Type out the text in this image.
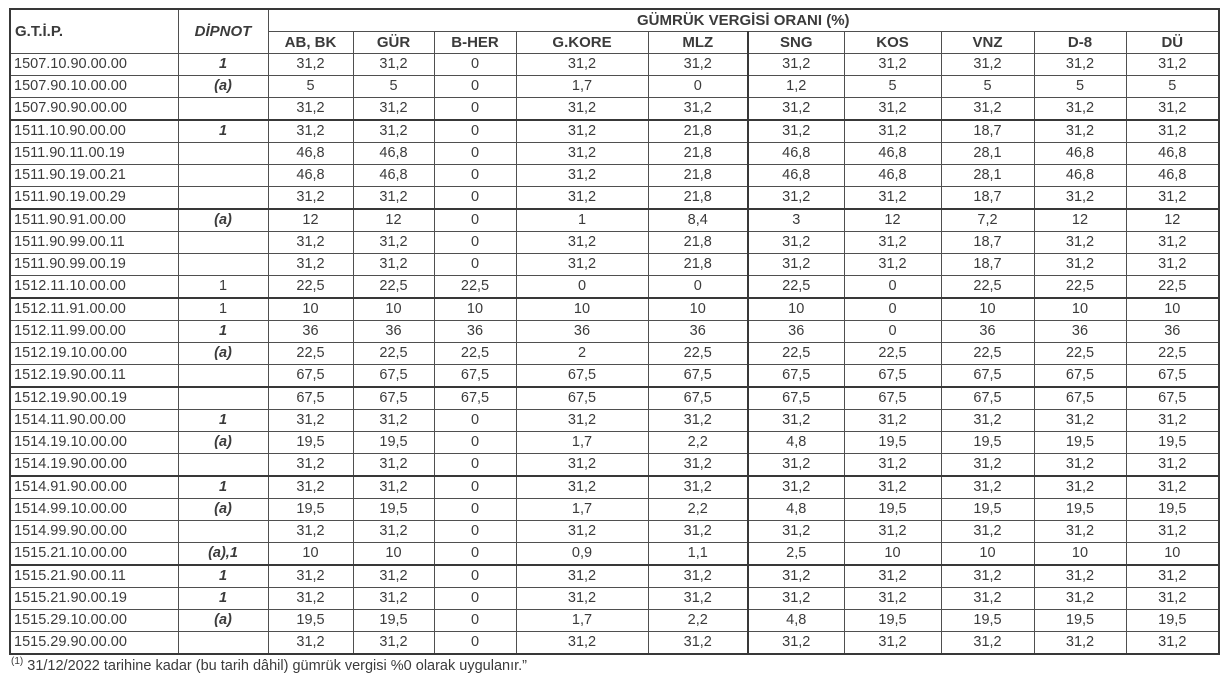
G.T.İ.P.	DİPNOT	GÜMRÜK VERGİSİ ORANI (%)									
		AB, BK	GÜR	B-HER	G.KORE	MLZ	SNG	KOS	VNZ	D-8	DÜ
1507.10.90.00.00	1	31,2	31,2	0	31,2	31,2	31,2	31,2	31,2	31,2	31,2
1507.90.10.00.00	(a)	5	5	0	1,7	0	1,2	5	5	5	5
1507.90.90.00.00		31,2	31,2	0	31,2	31,2	31,2	31,2	31,2	31,2	31,2
1511.10.90.00.00	1	31,2	31,2	0	31,2	21,8	31,2	31,2	18,7	31,2	31,2
1511.90.11.00.19		46,8	46,8	0	31,2	21,8	46,8	46,8	28,1	46,8	46,8
1511.90.19.00.21		46,8	46,8	0	31,2	21,8	46,8	46,8	28,1	46,8	46,8
1511.90.19.00.29		31,2	31,2	0	31,2	21,8	31,2	31,2	18,7	31,2	31,2
1511.90.91.00.00	(a)	12	12	0	1	8,4	3	12	7,2	12	12
1511.90.99.00.11		31,2	31,2	0	31,2	21,8	31,2	31,2	18,7	31,2	31,2
1511.90.99.00.19		31,2	31,2	0	31,2	21,8	31,2	31,2	18,7	31,2	31,2
1512.11.10.00.00	1	22,5	22,5	22,5	0	0	22,5	0	22,5	22,5	22,5
1512.11.91.00.00	1	10	10	10	10	10	10	0	10	10	10
1512.11.99.00.00	1	36	36	36	36	36	36	0	36	36	36
1512.19.10.00.00	(a)	22,5	22,5	22,5	2	22,5	22,5	22,5	22,5	22,5	22,5
1512.19.90.00.11		67,5	67,5	67,5	67,5	67,5	67,5	67,5	67,5	67,5	67,5
1512.19.90.00.19		67,5	67,5	67,5	67,5	67,5	67,5	67,5	67,5	67,5	67,5
1514.11.90.00.00	1	31,2	31,2	0	31,2	31,2	31,2	31,2	31,2	31,2	31,2
1514.19.10.00.00	(a)	19,5	19,5	0	1,7	2,2	4,8	19,5	19,5	19,5	19,5
1514.19.90.00.00		31,2	31,2	0	31,2	31,2	31,2	31,2	31,2	31,2	31,2
1514.91.90.00.00	1	31,2	31,2	0	31,2	31,2	31,2	31,2	31,2	31,2	31,2
1514.99.10.00.00	(a)	19,5	19,5	0	1,7	2,2	4,8	19,5	19,5	19,5	19,5
1514.99.90.00.00		31,2	31,2	0	31,2	31,2	31,2	31,2	31,2	31,2	31,2
1515.21.10.00.00	(a),1	10	10	0	0,9	1,1	2,5	10	10	10	10
1515.21.90.00.11	1	31,2	31,2	0	31,2	31,2	31,2	31,2	31,2	31,2	31,2
1515.21.90.00.19	1	31,2	31,2	0	31,2	31,2	31,2	31,2	31,2	31,2	31,2
1515.29.10.00.00	(a)	19,5	19,5	0	1,7	2,2	4,8	19,5	19,5	19,5	19,5
1515.29.90.00.00		31,2	31,2	0	31,2	31,2	31,2	31,2	31,2	31,2	31,2
$^{(1)}$ 31/12/2022 tarihine kadar (bu tarih dâhil) gümrük vergisi %0 olarak uygulanır.”
